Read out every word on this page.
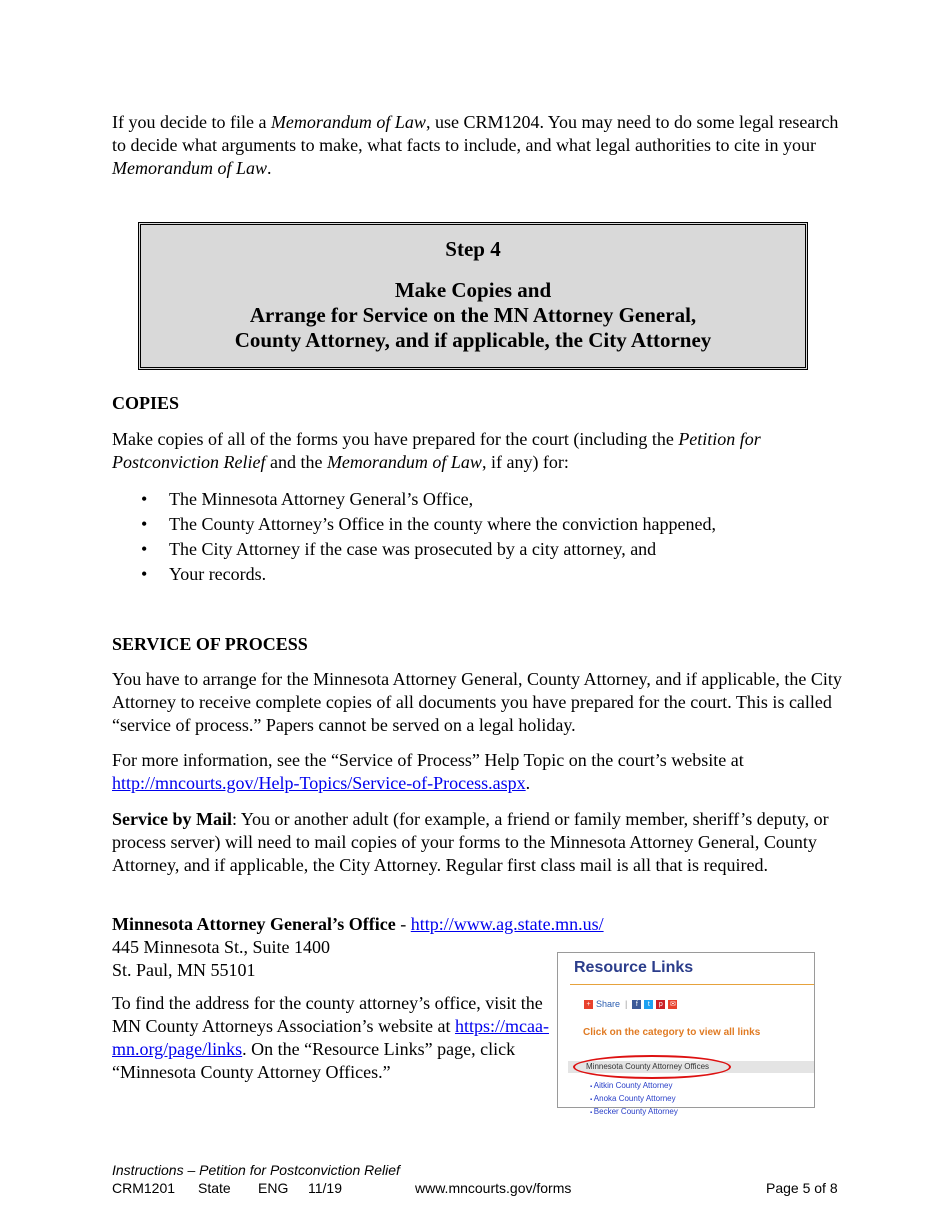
If you decide to file a Memorandum of Law, use CRM1204. You may need to do some legal research to decide what arguments to make, what facts to include, and what legal authorities to cite in your Memorandum of Law.

Step 4
Make Copies and
Arrange for Service on the MN Attorney General,
County Attorney, and if applicable, the City Attorney
COPIES

Make copies of all of the forms you have prepared for the court (including the Petition for Postconviction Relief and the Memorandum of Law, if any) for:

• The Minnesota Attorney General’s Office,
• The County Attorney’s Office in the county where the conviction happened,
• The City Attorney if the case was prosecuted by a city attorney, and
• Your records.
SERVICE OF PROCESS

You have to arrange for the Minnesota Attorney General, County Attorney, and if applicable, the City Attorney to receive complete copies of all documents you have prepared for the court. This is called “service of process.” Papers cannot be served on a legal holiday.

For more information, see the “Service of Process” Help Topic on the court’s website at http://mncourts.gov/Help-Topics/Service-of-Process.aspx.

Service by Mail: You or another adult (for example, a friend or family member, sheriff’s deputy, or process server) will need to mail copies of your forms to the Minnesota Attorney General, County Attorney, and if applicable, the City Attorney. Regular first class mail is all that is required.

Minnesota Attorney General’s Office - http://www.ag.state.mn.us/

445 Minnesota St., Suite 1400

St. Paul, MN 55101

To find the address for the county attorney’s office, visit the MN County Attorneys Association’s website at https://mcaa-mn.org/page/links. On the “Resource Links” page, click “Minnesota County Attorney Offices.”

Resource Links
+ Share |	f	t	p	✉
Click on the category to view all links
Minnesota County Attorney Offices
▪ Aitkin County Attorney
▪ Anoka County Attorney
▪ Becker County Attorney
Instructions – Petition for Postconviction Relief
CRM1201 State ENG 11/19	www.mncourts.gov/forms	Page 5 of 8
